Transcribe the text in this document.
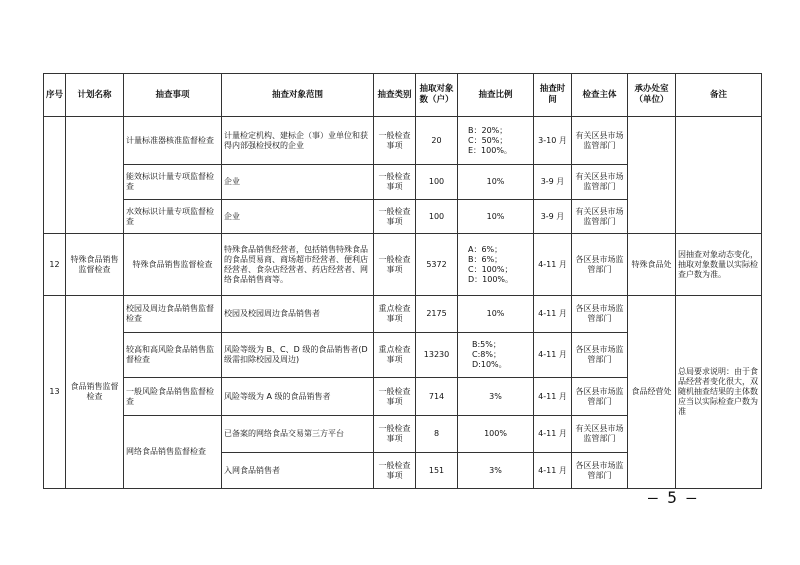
序号	计划名称	抽查事项	抽查对象范围	抽查类别	抽取对象数（户）	抽查比例	抽查时间	检查主体	承办处室（单位）	备注
		计量标准器核准监督检查	计量检定机构、建标企（事）业单位和获得内部强检授权的企业	一般检查事项	20	B：20%；
C：50%；
E：100%。	3-10 月	有关区县市场监管部门		
		能效标识计量专项监督检查	企业	一般检查事项	100	10%	3-9 月	有关区县市场监管部门		
		水效标识计量专项监督检查	企业	一般检查事项	100	10%	3-9 月	有关区县市场监管部门		
12	特殊食品销售监督检查	特殊食品销售监督检查	特殊食品销售经营者，包括销售特殊食品的食品贸易商、商场超市经营者、便利店经营者、食杂店经营者、药店经营者、网络食品销售商等。	一般检查事项	5372	A：6%；
B：6%；
C：100%；
D：100%。	4-11 月	各区县市场监管部门	特殊食品处	因抽查对象动态变化，抽取对象数量以实际检查户数为准。
13	食品销售监督检查	校园及周边食品销售监督检查	校园及校园周边食品销售者	重点检查事项	2175	10%	4-11 月	各区县市场监管部门	食品经营处	总局要求说明：由于食品经营者变化很大，双随机抽查结果的主体数应当以实际检查户数为准
		较高和高风险食品销售监督检查	风险等级为 B、C、D 级的食品销售者(D 级需扣除校园及周边)	重点检查事项	13230	B:5%；
C:8%；
D:10%。	4-11 月	各区县市场监管部门		
		一般风险食品销售监督检查	风险等级为 A 级的食品销售者	一般检查事项	714	3%	4-11 月	各区县市场监管部门		
		网络食品销售监督检查	已备案的网络食品交易第三方平台	一般检查事项	8	100%	4-11 月	有关区县市场监管部门		
			入网食品销售者	一般检查事项	151	3%	4-11 月	各区县市场监管部门		
— 5 —
